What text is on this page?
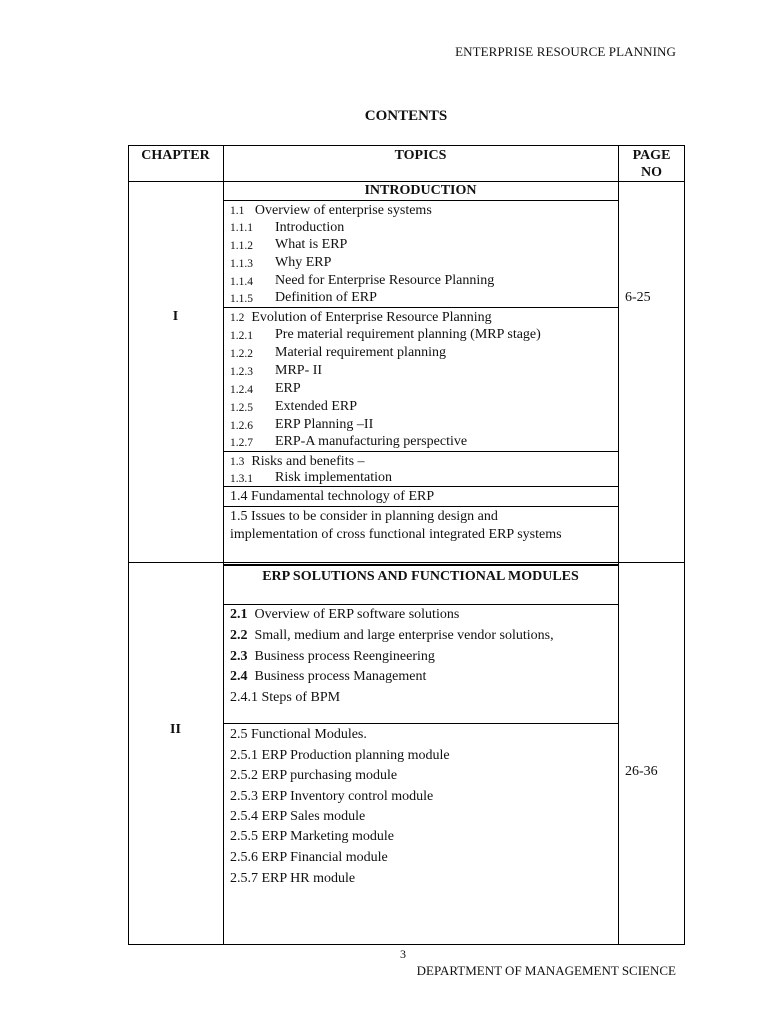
ENTERPRISE RESOURCE PLANNING
CONTENTS
CHAPTER	TOPICS	PAGE
NO
I
6-25
INTRODUCTION
1.1 Overview of enterprise systems
1.1.1 Introduction
1.1.2 What is ERP
1.1.3 Why ERP
1.1.4 Need for Enterprise Resource Planning
1.1.5 Definition of ERP
1.2 Evolution of Enterprise Resource Planning
1.2.1 Pre material requirement planning (MRP stage)
1.2.2 Material requirement planning
1.2.3 MRP- II
1.2.4 ERP
1.2.5 Extended ERP
1.2.6 ERP Planning –II
1.2.7 ERP-A manufacturing perspective
1.3 Risks and benefits –
1.3.1 Risk implementation
1.4 Fundamental technology of ERP
1.5 Issues to be consider in planning design and
implementation of cross functional integrated ERP systems
II
26-36
ERP SOLUTIONS AND FUNCTIONAL MODULES
2.1 Overview of ERP software solutions
2.2 Small, medium and large enterprise vendor solutions,
2.3 Business process Reengineering
2.4 Business process Management
2.4.1 Steps of BPM
2.5 Functional Modules.
2.5.1 ERP Production planning module
2.5.2 ERP purchasing module
2.5.3 ERP Inventory control module
2.5.4 ERP Sales module
2.5.5 ERP Marketing module
2.5.6 ERP Financial module
2.5.7 ERP HR module
3
DEPARTMENT OF MANAGEMENT SCIENCE
